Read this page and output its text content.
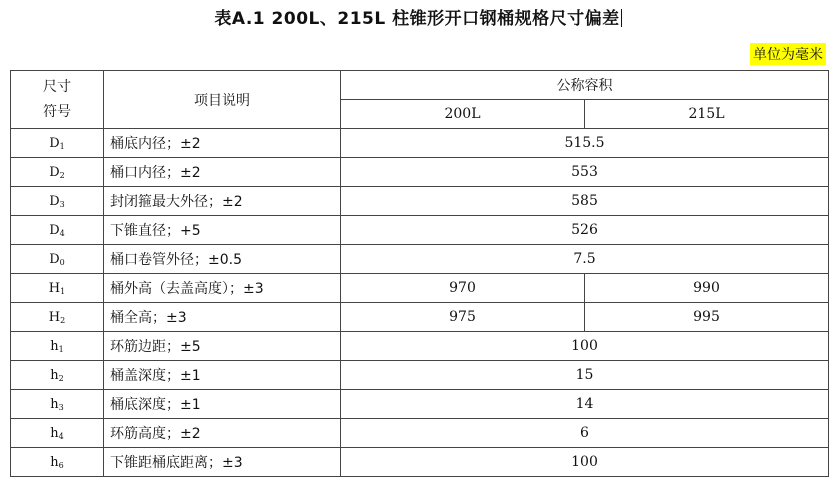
表A.1 200L、215L 柱锥形开口钢桶规格尺寸偏差
单位为毫米
尺寸
符号	项目说明	公称容积	
		200L	215L
$D_1$	桶底内径；±2	515.5	
$D_2$	桶口内径；±2	553	
$D_3$	封闭箍最大外径；±2	585	
$D_4$	下锥直径；+5	526	
$D_0$	桶口卷管外径；±0.5	7.5	
$H_1$	桶外高（去盖高度）；±3	970	990
$H_2$	桶全高；±3	975	995
$h_1$	环筋边距；±5	100	
$h_2$	桶盖深度；±1	15	
$h_3$	桶底深度；±1	14	
$h_4$	环筋高度；±2	6	
$h_6$	下锥距桶底距离；±3	100	
